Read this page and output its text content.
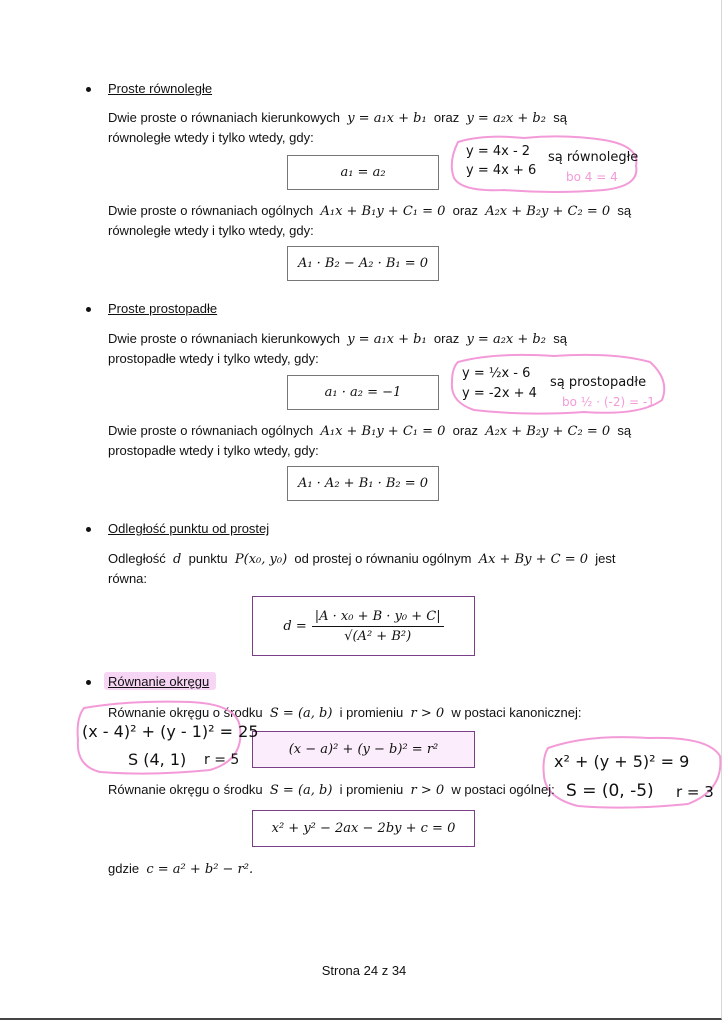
Proste równoległe
Dwie proste o równaniach kierunkowych y = a₁x + b₁ oraz y = a₂x + b₂ są
równoległe wtedy i tylko wtedy, gdy:
a₁ = a₂
y = 4x - 2
y = 4x + 6
są równoległe
bo 4 = 4
Dwie proste o równaniach ogólnych A₁x + B₁y + C₁ = 0 oraz A₂x + B₂y + C₂ = 0 są
równoległe wtedy i tylko wtedy, gdy:
A₁ · B₂ − A₂ · B₁ = 0
Proste prostopadłe
Dwie proste o równaniach kierunkowych y = a₁x + b₁ oraz y = a₂x + b₂ są
prostopadłe wtedy i tylko wtedy, gdy:
a₁ · a₂ = −1
y = ½x - 6
y = -2x + 4
są prostopadłe
bo ½ · (-2) = -1
Dwie proste o równaniach ogólnych A₁x + B₁y + C₁ = 0 oraz A₂x + B₂y + C₂ = 0 są
prostopadłe wtedy i tylko wtedy, gdy:
A₁ · A₂ + B₁ · B₂ = 0
Odległość punktu od prostej
Odległość d punktu P(x₀, y₀) od prostej o równaniu ogólnym Ax + By + C = 0 jest
równa:
$d = \frac{\text{|A · x₀ + B · y₀ + C|}}{\text{√(A² + B²)}}$
Równanie okręgu
Równanie okręgu o środku S = (a, b) i promieniu r > 0 w postaci kanonicznej:
(x − a)² + (y − b)² = r²
(x - 4)² + (y - 1)² = 25
S (4, 1) r = 5	x² + (y + 5)² = 9
S = (0, -5) r = 3
Równanie okręgu o środku S = (a, b) i promieniu r > 0 w postaci ogólnej:
x² + y² − 2ax − 2by + c = 0
gdzie c = a² + b² − r².
Strona 24 z 34
